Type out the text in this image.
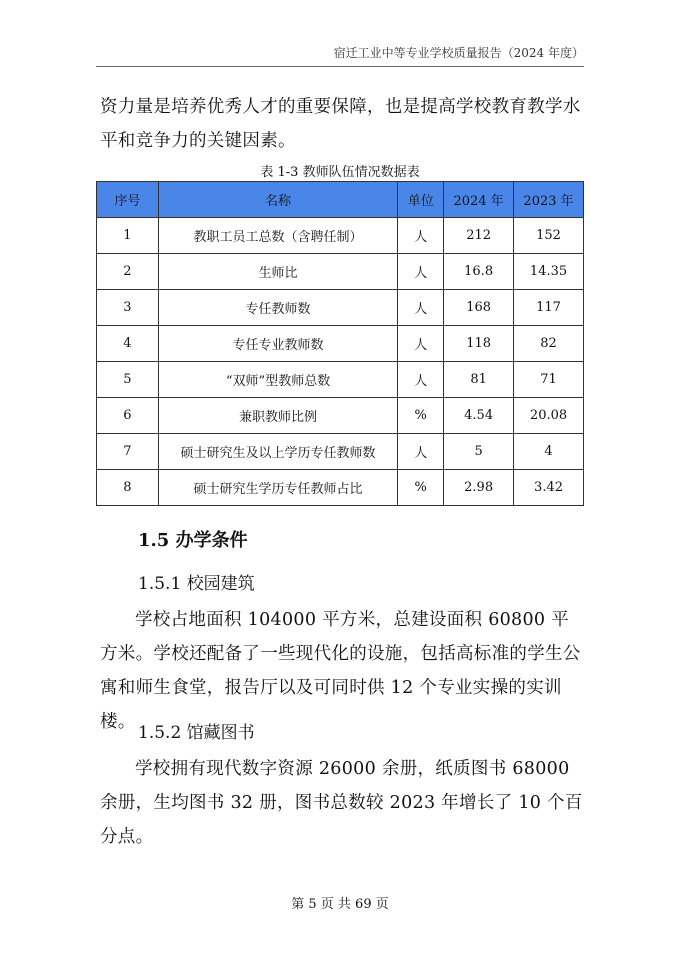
宿迁工业中等专业学校质量报告（2024 年度）

资力量是培养优秀人才的重要保障，也是提高学校教育教学水平和竞争力的关键因素。

表 1-3 教师队伍情况数据表
序号	名称	单位	2024 年	2023 年
1	教职工员工总数（含聘任制）	人	212	152
2	生师比	人	16.8	14.35
3	专任教师数	人	168	117
4	专任专业教师数	人	118	82
5	“双师”型教师总数	人	81	71
6	兼职教师比例	%	4.54	20.08
7	硕士研究生及以上学历专任教师数	人	5	4
8	硕士研究生学历专任教师占比	%	2.98	3.42
1.5 办学条件
1.5.1 校园建筑

学校占地面积 104000 平方米，总建设面积 60800 平方米。学校还配备了一些现代化的设施，包括高标准的学生公寓和师生食堂，报告厅以及可同时供 12 个专业实操的实训楼。

1.5.2 馆藏图书

学校拥有现代数字资源 26000 余册，纸质图书 68000 余册，生均图书 32 册，图书总数较 2023 年增长了 10 个百分点。

第 5 页 共 69 页
